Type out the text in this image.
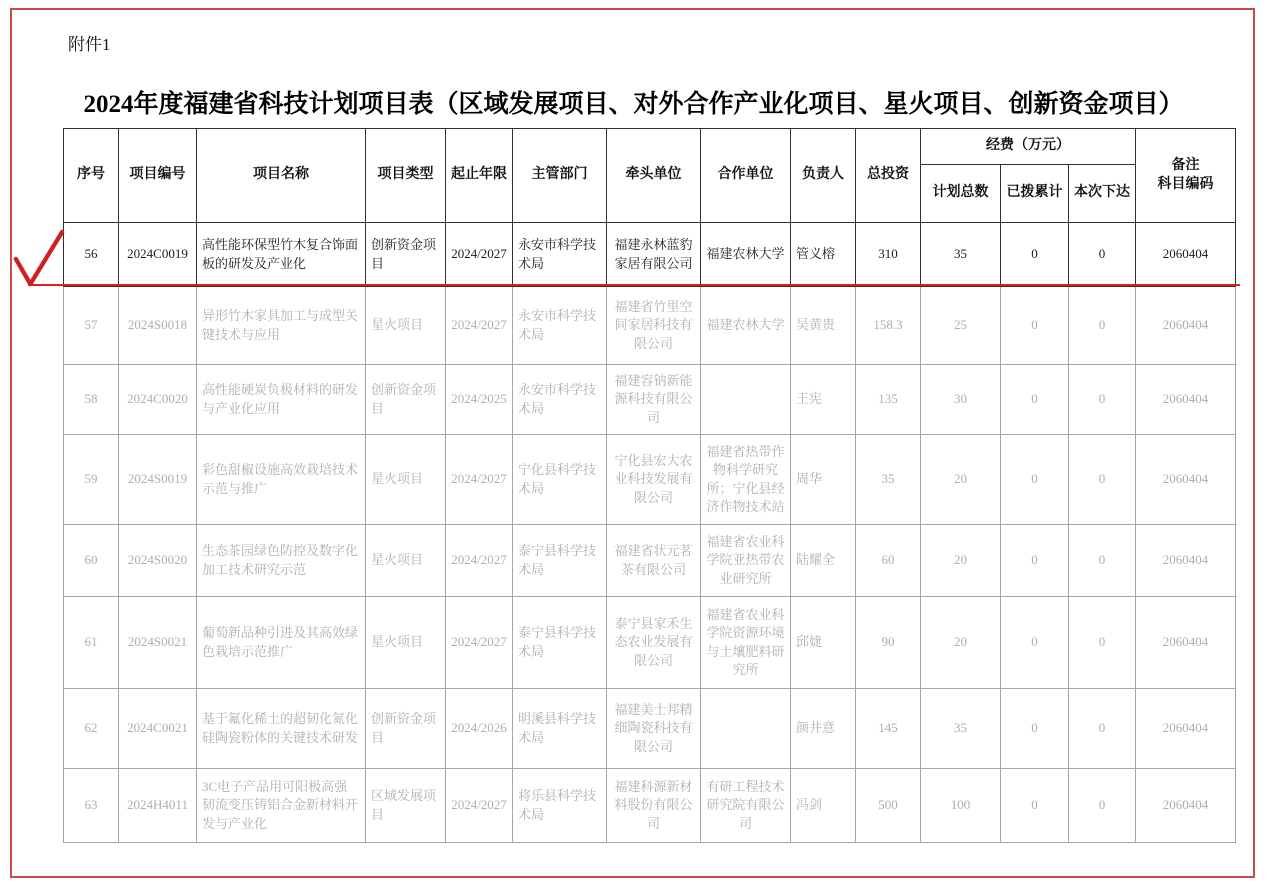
附件1
2024年度福建省科技计划项目表（区域发展项目、对外合作产业化项目、星火项目、创新资金项目）
序号	项目编号	项目名称	项目类型	起止年限	主管部门	牵头单位	合作单位	负责人	总投资	经费（万元）			备注
科目编码
										计划总数	已拨累计	本次下达	
56	2024C0019	高性能环保型竹木复合饰面板的研发及产业化	创新资金项目	2024/2027	永安市科学技术局	福建永林蓝豹家居有限公司	福建农林大学	管义榕	310	35	0	0	2060404
57	2024S0018	异形竹木家具加工与成型关键技术与应用	星火项目	2024/2027	永安市科学技术局	福建省竹里空间家居科技有限公司	福建农林大学	吴黄贵	158.3	25	0	0	2060404
58	2024C0020	高性能硬炭负极材料的研发与产业化应用	创新资金项目	2024/2025	永安市科学技术局	福建容钠新能源科技有限公司		王宪	135	30	0	0	2060404
59	2024S0019	彩色甜椒设施高效栽培技术示范与推广	星火项目	2024/2027	宁化县科学技术局	宁化县宏大农业科技发展有限公司	福建省热带作物科学研究所；宁化县经济作物技术站	周华	35	20	0	0	2060404
60	2024S0020	生态茶园绿色防控及数字化加工技术研究示范	星火项目	2024/2027	泰宁县科学技术局	福建省状元茗茶有限公司	福建省农业科学院亚热带农业研究所	陆耀全	60	20	0	0	2060404
61	2024S0021	葡萄新品种引进及其高效绿色栽培示范推广	星火项目	2024/2027	泰宁县科学技术局	泰宁县家禾生态农业发展有限公司	福建省农业科学院资源环境与土壤肥料研究所	邱婕	90	20	0	0	2060404
62	2024C0021	基于氟化稀土的超韧化氮化硅陶瓷粉体的关键技术研发	创新资金项目	2024/2026	明溪县科学技术局	福建美士邦精细陶瓷科技有限公司		颜井意	145	35	0	0	2060404
63	2024H4011	3C电子产品用可阳极高强韧流变压铸铝合金新材料开发与产业化	区域发展项目	2024/2027	将乐县科学技术局	福建科源新材料股份有限公司	有研工程技术研究院有限公司	冯剑	500	100	0	0	2060404
